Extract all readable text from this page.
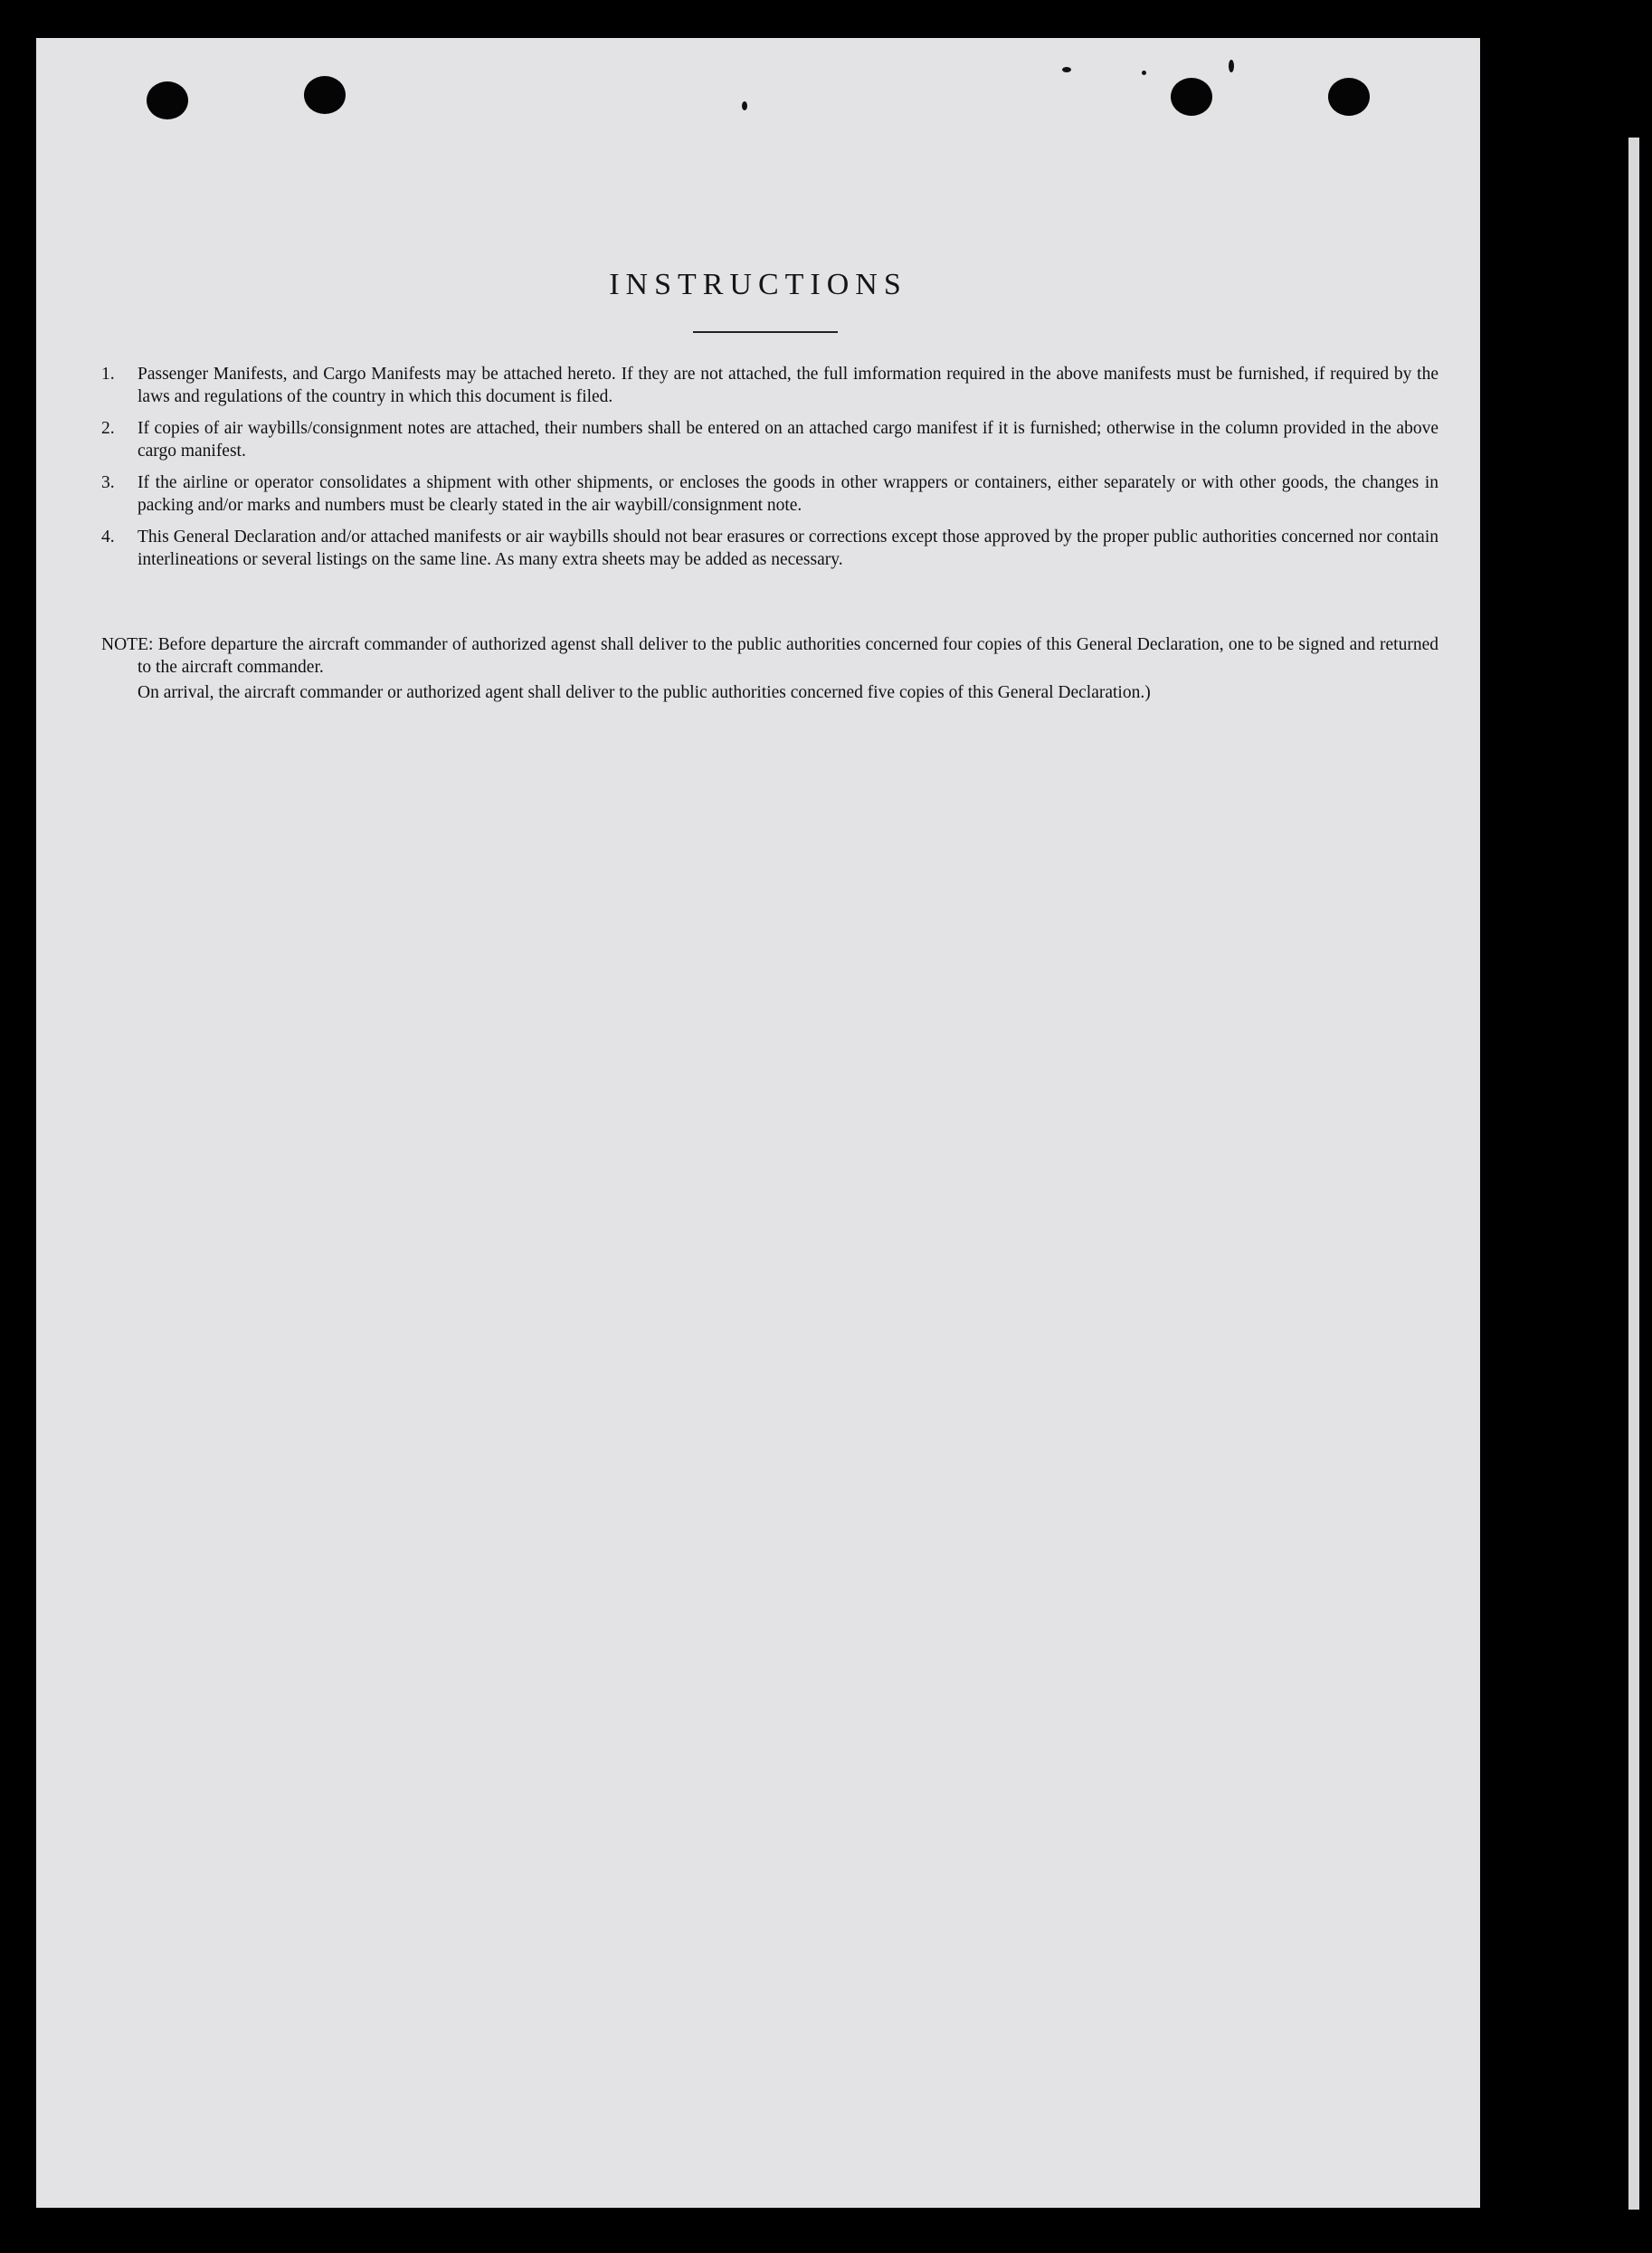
INSTRUCTIONS
1. Passenger Manifests, and Cargo Manifests may be attached hereto. If they are not attached, the full imformation required in the above manifests must be furnished, if required by the laws and regulations of the country in which this document is filed.
2. If copies of air waybills/consignment notes are attached, their numbers shall be entered on an attached cargo manifest if it is furnished; otherwise in the column provided in the above cargo manifest.
3. If the airline or operator consolidates a shipment with other shipments, or encloses the goods in other wrappers or containers, either separately or with other goods, the changes in packing and/or marks and numbers must be clearly stated in the air waybill/consignment note.
4. This General Declaration and/or attached manifests or air waybills should not bear erasures or corrections except those approved by the proper public authorities concerned nor contain interlineations or several listings on the same line. As many extra sheets may be added as necessary.
NOTE: Before departure the aircraft commander of authorized agenst shall deliver to the public authorities concerned four copies of this General Declaration, one to be signed and returned to the aircraft commander.
On arrival, the aircraft commander or authorized agent shall deliver to the public authorities concerned five copies of this General Declaration.)
